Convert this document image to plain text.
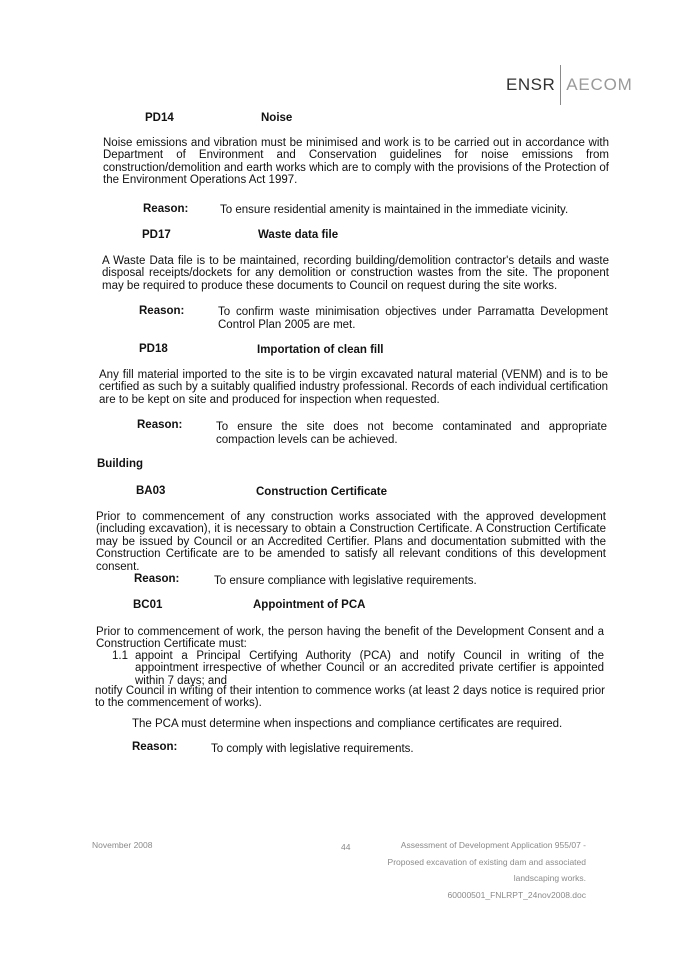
ENSR AECOM
PD14	Noise
Noise emissions and vibration must be minimised and work is to be carried out in accordance with Department of Environment and Conservation guidelines for noise emissions from construction/demolition and earth works which are to comply with the provisions of the Protection of the Environment Operations Act 1997.
Reason:	To ensure residential amenity is maintained in the immediate vicinity.
PD17	Waste data file
A Waste Data file is to be maintained, recording building/demolition contractor's details and waste disposal receipts/dockets for any demolition or construction wastes from the site. The proponent may be required to produce these documents to Council on request during the site works.
Reason:	To confirm waste minimisation objectives under Parramatta Development Control Plan 2005 are met.
PD18	Importation of clean fill
Any fill material imported to the site is to be virgin excavated natural material (VENM) and is to be certified as such by a suitably qualified industry professional. Records of each individual certification are to be kept on site and produced for inspection when requested.
Reason:	To ensure the site does not become contaminated and appropriate compaction levels can be achieved.
Building
BA03	Construction Certificate
Prior to commencement of any construction works associated with the approved development (including excavation), it is necessary to obtain a Construction Certificate. A Construction Certificate may be issued by Council or an Accredited Certifier. Plans and documentation submitted with the Construction Certificate are to be amended to satisfy all relevant conditions of this development consent.
Reason:	To ensure compliance with legislative requirements.
BC01	Appointment of PCA
Prior to commencement of work, the person having the benefit of the Development Consent and a Construction Certificate must:
1.1 appoint a Principal Certifying Authority (PCA) and notify Council in writing of the appointment irrespective of whether Council or an accredited private certifier is appointed within 7 days; and
notify Council in writing of their intention to commence works (at least 2 days notice is required prior to the commencement of works).
The PCA must determine when inspections and compliance certificates are required.
Reason:	To comply with legislative requirements.
November 2008	44	Assessment of Development Application 955/07 -
Proposed excavation of existing dam and associated
landscaping works.
60000501_FNLRPT_24nov2008.doc
